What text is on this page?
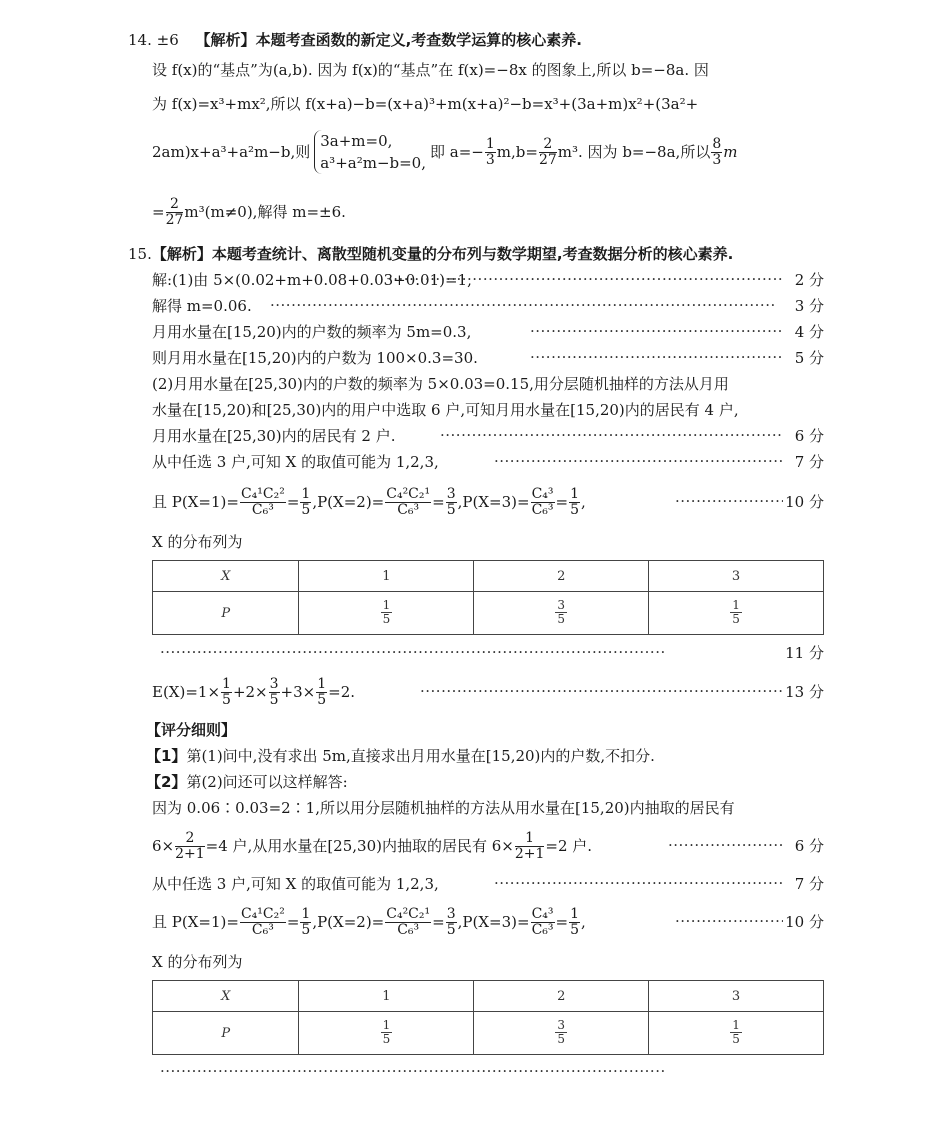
14. ±6 【解析】本题考查函数的新定义,考查数学运算的核心素养.
设 f(x)的“基点”为(a,b). 因为 f(x)的“基点”在 f(x)=−8x 的图象上,所以 b=−8a. 因
为 f(x)=x³+mx²,所以 f(x+a)−b=(x+a)³+m(x+a)²−b=x³+(3a+m)x²+(3a²+
2am)x+a³+a²m−b,则
3a+m=0,
a³+a²m−b=0,
即 $a=- \frac{1}{3} m,b= \frac{2}{27} m^3$. 因为 b=−8a,所以 $\frac{8}{3}$ m
= $\frac{2}{27} m^3(m\ne 0)$,解得 m=±6.
15.【解析】本题考查统计、离散型随机变量的分布列与数学期望,考查数据分析的核心素养.
解:(1)由 5×(0.02+m+0.08+0.03+0.01)=1,	2 分
·····
解得 m=0.06.	3 分
·····
月用水量在[15,20)内的户数的频率为 5m=0.3,	4 分
·····
则月用水量在[15,20)内的户数为 100×0.3=30.	5 分
·····
(2)月用水量在[25,30)内的户数的频率为 5×0.03=0.15,用分层随机抽样的方法从月用
水量在[15,20)和[25,30)内的用户中选取 6 户,可知月用水量在[15,20)内的居民有 4 户,
月用水量在[25,30)内的居民有 2 户.	6 分
·····
从中任选 3 户,可知 X 的取值可能为 1,2,3,	7 分
·····
且 $P(X=1)= \frac{\text{C₄¹C₂²}}{\text{C₆³}} = \frac{1}{5} ,P(X=2)= \frac{\text{C₄²C₂¹}}{\text{C₆³}} = \frac{3}{5} ,P(X=3)= \frac{\text{C₄³}}{\text{C₆³}} = \frac{1}{5}$ ,	10 分
·····
X 的分布列为
X	1	2	3
P	$\frac{1}{5}$	$\frac{3}{5}$	$\frac{1}{5}$
·····
11 分
$E(X)=1\times \frac{1}{5} +2\times \frac{3}{5} +3\times \frac{1}{5} =2$.	13 分
·····
【评分细则】
【1】第(1)问中,没有求出 5m,直接求出月用水量在[15,20)内的户数,不扣分.
【2】第(2)问还可以这样解答:
因为 0.06∶0.03=2∶1,所以用分层随机抽样的方法从用水量在[15,20)内抽取的居民有
$6\times \frac{2}{2+1} =4$ 户,从用水量在[25,30)内抽取的居民有 $6\times \frac{1}{2+1} =2$ 户.	6 分
·····
从中任选 3 户,可知 X 的取值可能为 1,2,3,	7 分
·····
且 $P(X=1)= \frac{\text{C₄¹C₂²}}{\text{C₆³}} = \frac{1}{5} ,P(X=2)= \frac{\text{C₄²C₂¹}}{\text{C₆³}} = \frac{3}{5} ,P(X=3)= \frac{\text{C₄³}}{\text{C₆³}} = \frac{1}{5}$ ,	10 分
·····
X 的分布列为
X	1	2	3
P	$\frac{1}{5}$	$\frac{3}{5}$	$\frac{1}{5}$
·····
